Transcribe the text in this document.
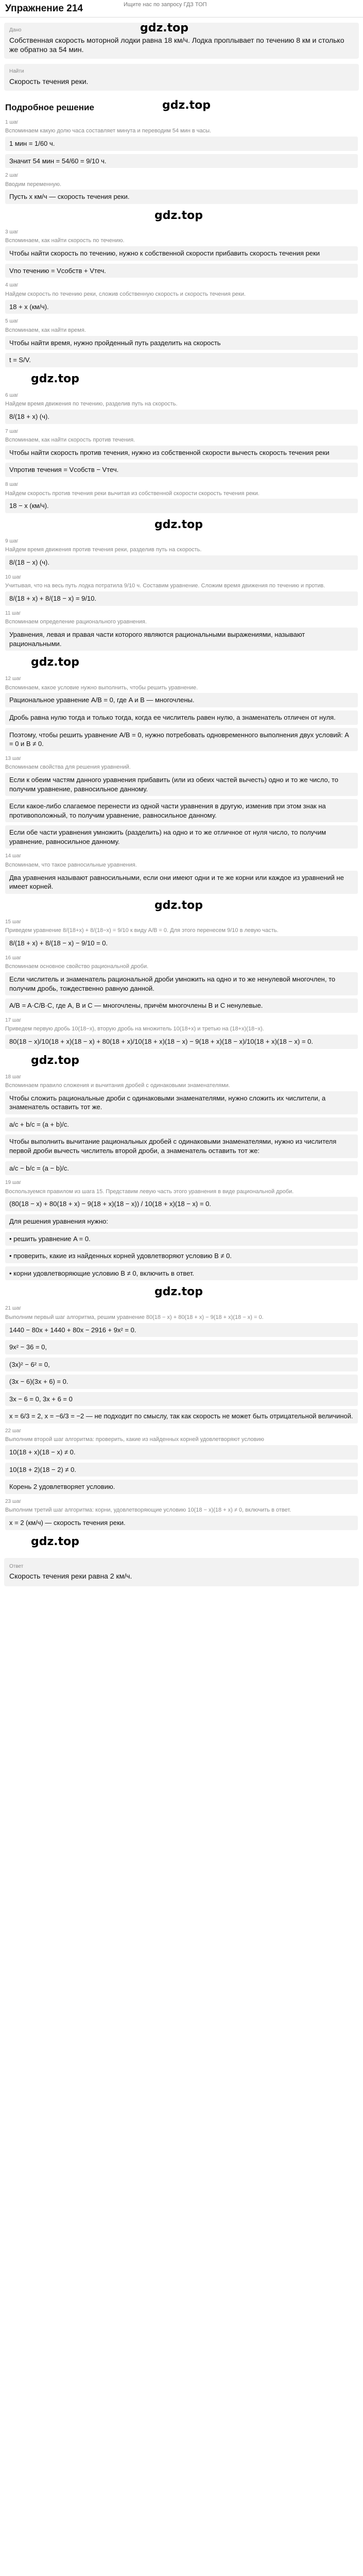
Упражнение 214	Ищите нас по запросу ГДЗ ТОП
gdz.top
Дано
Собственная скорость моторной лодки равна 18 км/ч. Лодка проплывает по течению 8 км и столько же обратно за 54 мин.
Найти
Скорость течения реки.
gdz.top
Подробное решение
1 шаг
Вспоминаем какую долю часа составляет минута и переводим 54 мин в часы.
1 мин = 1/60 ч.
Значит 54 мин = 54/60 = 9/10 ч.
2 шаг
Вводим переменную.
Пусть x км/ч — скорость течения реки.
gdz.top
3 шаг
Вспоминаем, как найти скорость по течению.
Чтобы найти скорость по течению, нужно к собственной скорости прибавить скорость течения реки
Vпо течению = Vсобств + Vтеч.
4 шаг
Найдем скорость по течению реки, сложив собственную скорость и скорость течения реки.
18 + x (км/ч).
5 шаг
Вспоминаем, как найти время.
Чтобы найти время, нужно пройденный путь разделить на скорость
t = S/V.
gdz.top
6 шаг
Найдем время движения по течению, разделив путь на скорость.
8/(18 + x) (ч).
7 шаг
Вспоминаем, как найти скорость против течения.
Чтобы найти скорость против течения, нужно из собственной скорости вычесть скорость течения реки
Vпротив течения = Vсобств − Vтеч.
8 шаг
Найдем скорость против течения реки вычитая из собственной скорости скорость течения реки.
18 − x (км/ч).
gdz.top
9 шаг
Найдем время движения против течения реки, разделив путь на скорость.
8/(18 − x) (ч).
10 шаг
Учитывая, что на весь путь лодка потратила 9/10 ч. Составим уравнение. Сложим время движения по течению и против.
8/(18 + x) + 8/(18 − x) = 9/10.
11 шаг
Вспоминаем определение рационального уравнения.
Уравнения, левая и правая части которого являются рациональными выражениями, называют рациональными.
gdz.top
12 шаг
Вспоминаем, какое условие нужно выполнить, чтобы решить уравнение.
Рациональное уравнение A/B = 0, где A и B — многочлены.
Дробь равна нулю тогда и только тогда, когда ее числитель равен нулю, а знаменатель отличен от нуля.
Поэтому, чтобы решить уравнение A/B = 0, нужно потребовать одновременного выполнения двух условий: A = 0 и B ≠ 0.
13 шаг
Вспоминаем свойства для решения уравнений.
Если к обеим частям данного уравнения прибавить (или из обеих частей вычесть) одно и то же число, то получим уравнение, равносильное данному.
Если какое-либо слагаемое перенести из одной части уравнения в другую, изменив при этом знак на противоположный, то получим уравнение, равносильное данному.
Если обе части уравнения умножить (разделить) на одно и то же отличное от нуля число, то получим уравнение, равносильное данному.
14 шаг
Вспоминаем, что такое равносильные уравнения.
Два уравнения называют равносильными, если они имеют одни и те же корни или каждое из уравнений не имеет корней.
gdz.top
15 шаг
Приведем уравнение 8/(18+x) + 8/(18−x) = 9/10 к виду A/B = 0. Для этого перенесем 9/10 в левую часть.
8/(18 + x) + 8/(18 − x) − 9/10 = 0.
16 шаг
Вспоминаем основное свойство рациональной дроби.
Если числитель и знаменатель рациональной дроби умножить на одно и то же ненулевой многочлен, то получим дробь, тождественно равную данной.
A/B = A·C/B·C, где A, B и C — многочлены, причём многочлены B и C ненулевые.
17 шаг
Приведем первую дробь 10(18−x), вторую дробь на множитель 10(18+x) и третью на (18+x)(18−x).
80(18 − x)/10(18 + x)(18 − x) + 80(18 + x)/10(18 + x)(18 − x) − 9(18 + x)(18 − x)/10(18 + x)(18 − x) = 0.
gdz.top
18 шаг
Вспоминаем правило сложения и вычитания дробей с одинаковыми знаменателями.
Чтобы сложить рациональные дроби с одинаковыми знаменателями, нужно сложить их числители, а знаменатель оставить тот же.
a/c + b/c = (a + b)/c.
Чтобы выполнить вычитание рациональных дробей с одинаковыми знаменателями, нужно из числителя первой дроби вычесть числитель второй дроби, а знаменатель оставить тот же:
a/c − b/c = (a − b)/c.
19 шаг
Воспользуемся правилом из шага 15. Представим левую часть этого уравнения в виде рациональной дроби.
(80(18 − x) + 80(18 + x) − 9(18 + x)(18 − x)) / 10(18 + x)(18 − x) = 0.
Для решения уравнения нужно:
• решить уравнение A = 0.
• проверить, какие из найденных корней удовлетворяют условию B ≠ 0.
• корни удовлетворяющие условию B ≠ 0, включить в ответ.
gdz.top
21 шаг
Выполним первый шаг алгоритма, решим уравнение 80(18 − x) + 80(18 + x) − 9(18 + x)(18 − x) = 0.
1440 − 80x + 1440 + 80x − 2916 + 9x² = 0.
9x² − 36 = 0,
(3x)² − 6² = 0,
(3x − 6)(3x + 6) = 0.
3x − 6 = 0, 3x + 6 = 0
x = 6/3 = 2, x = −6/3 = −2 — не подходит по смыслу, так как скорость не может быть отрицательной величиной.
22 шаг
Выполним второй шаг алгоритма: проверить, какие из найденных корней удовлетворяют условию
10(18 + x)(18 − x) ≠ 0.
10(18 + 2)(18 − 2) ≠ 0.
Корень 2 удовлетворяет условию.
23 шаг
Выполним третий шаг алгоритма: корни, удовлетворяющие условию 10(18 − x)(18 + x) ≠ 0, включить в ответ.
x = 2 (км/ч) — скорость течения реки.
gdz.top
Ответ
Скорость течения реки равна 2 км/ч.
